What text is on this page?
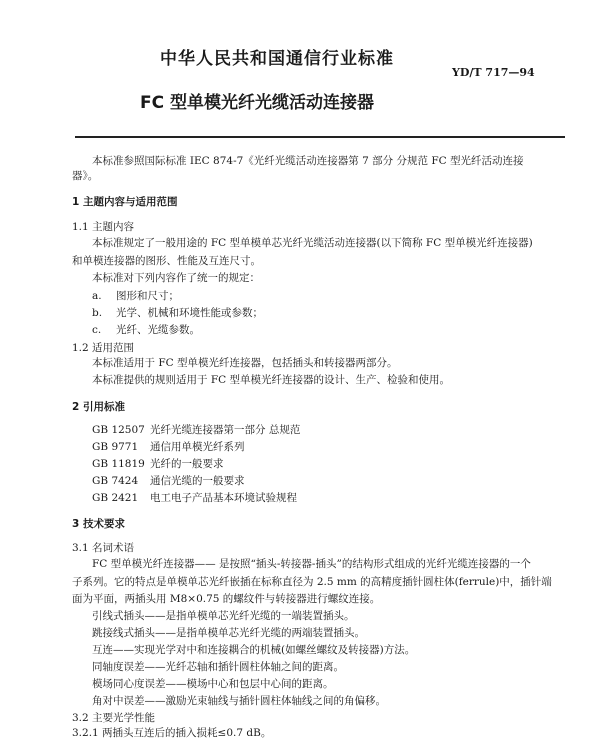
中华人民共和国通信行业标准
YD/T 717—94
FC 型单模光纤光缆活动连接器
本标准参照国际标准 IEC 874-7《光纤光缆活动连接器第 7 部分 分规范 FC 型光纤活动连接
器》。
1 主题内容与适用范围
1.1 主题内容
本标准规定了一般用途的 FC 型单模单芯光纤光缆活动连接器(以下简称 FC 型单模光纤连接器)
和单模连接器的图形、性能及互连尺寸。
本标准对下列内容作了统一的规定：
a. 图形和尺寸；
b. 光学、机械和环境性能或参数；
c. 光纤、光缆参数。
1.2 适用范围
本标准适用于 FC 型单模光纤连接器，包括插头和转接器两部分。
本标准提供的规则适用于 FC 型单模光纤连接器的设计、生产、检验和使用。
2 引用标准
GB 12507 光纤光缆连接器第一部分 总规范
GB 9771 通信用单模光纤系列
GB 11819 光纤的一般要求
GB 7424 通信光缆的一般要求
GB 2421 电工电子产品基本环境试验规程
3 技术要求
3.1 名词术语
FC 型单模光纤连接器—— 是按照“插头-转接器-插头”的结构形式组成的光纤光缆连接器的一个
子系列。它的特点是单模单芯光纤嵌插在标称直径为 2.5 mm 的高精度插针圆柱体(ferrule)中，插针端
面为平面，两插头用 M8×0.75 的螺纹件与转接器进行螺纹连接。
引线式插头——是指单模单芯光纤光缆的一端装置插头。
跳接线式插头——是指单模单芯光纤光缆的两端装置插头。
互连——实现光学对中和连接耦合的机械(如螺丝螺纹及转接器)方法。
同轴度误差——光纤芯轴和插针圆柱体轴之间的距离。
模场同心度误差——模场中心和包层中心间的距离。
角对中误差——激励光束轴线与插针圆柱体轴线之间的角偏移。
3.2 主要光学性能
3.2.1 两插头互连后的插入损耗≤0.7 dB。
